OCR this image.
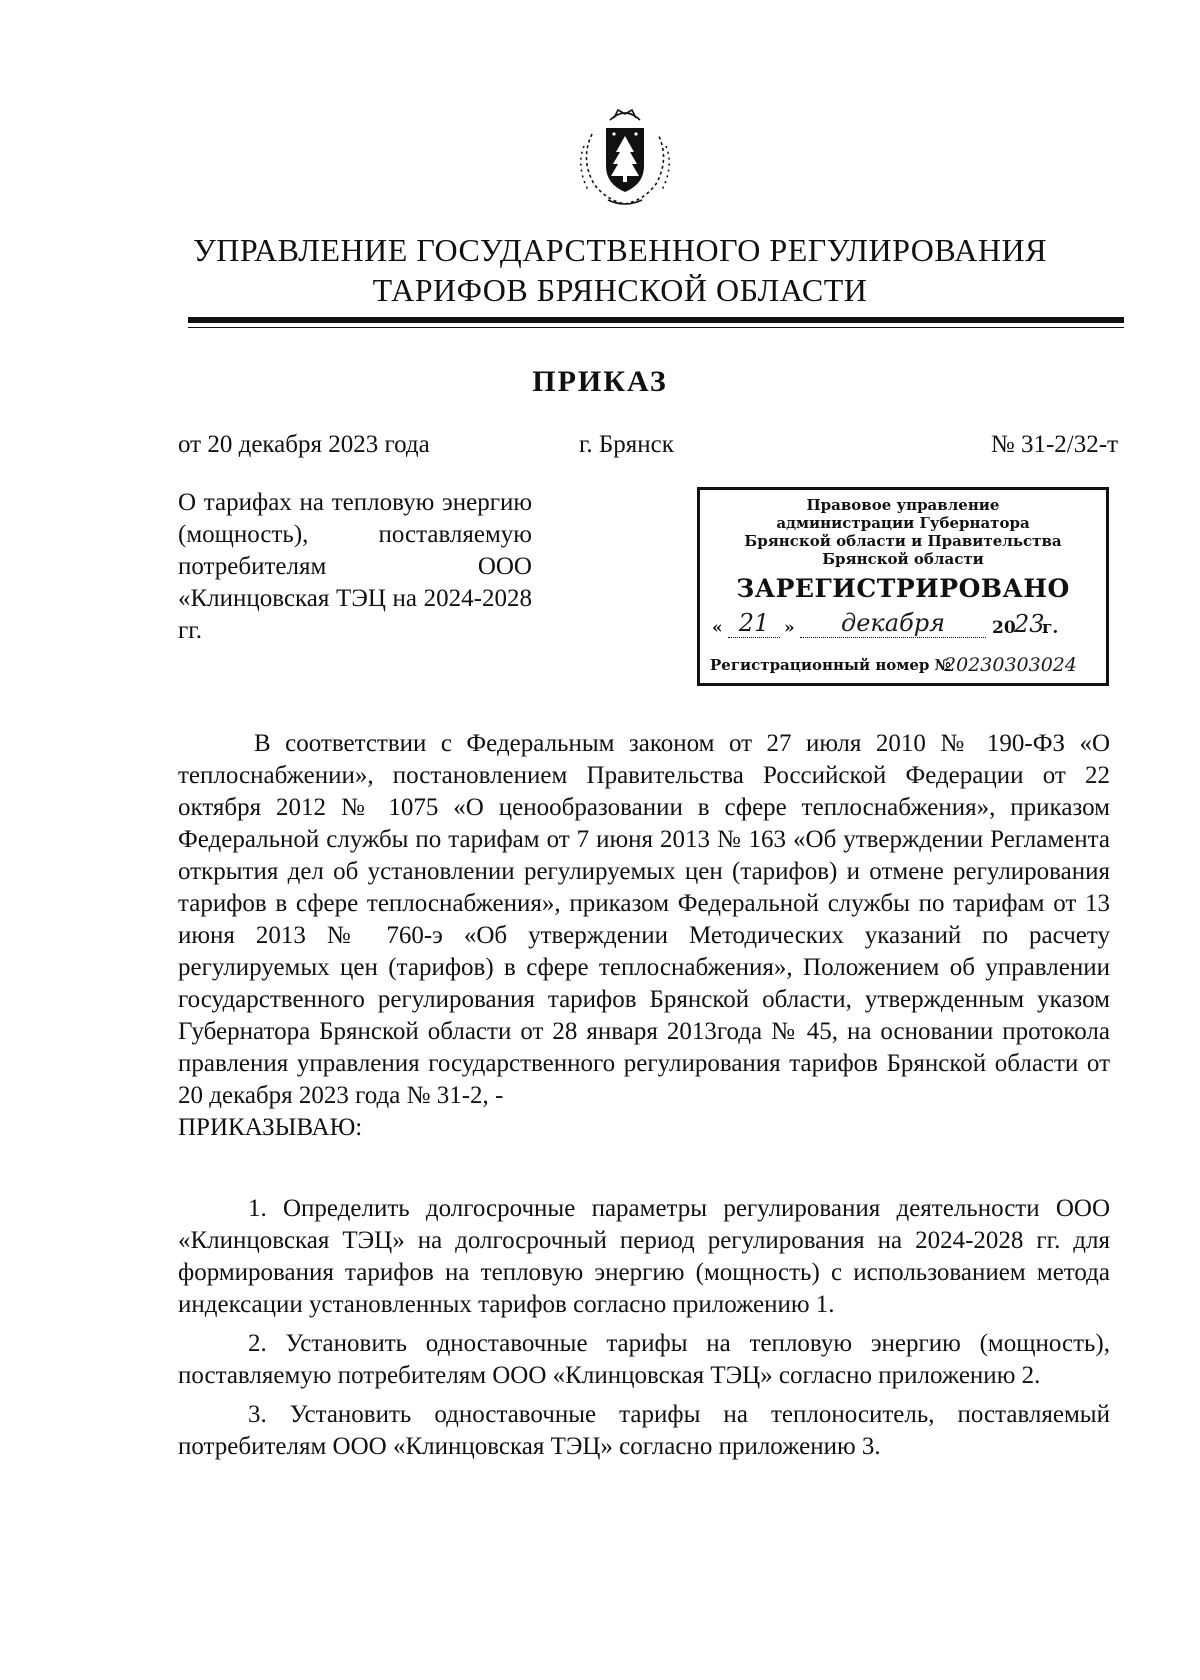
УПРАВЛЕНИЕ ГОСУДАРСТВЕННОГО РЕГУЛИРОВАНИЯ
ТАРИФОВ БРЯНСКОЙ ОБЛАСТИ
ПРИКАЗ
от 20 декабря 2023 года	г. Брянск	№ 31-2/32-т
О тарифах на тепловую энергию (мощность), поставляемую потребителям ООО «Клинцовская ТЭЦ на 2024-2028 гг.
Правовое управление
администрации Губернатора
Брянской области и Правительства
Брянской области
ЗАРЕГИСТРИРОВАНО
« 21 »	декабря	20
23
г.
Регистрационный номер №
20230303024
В соответствии с Федеральным законом от 27 июля 2010 № 190-ФЗ «О теплоснабжении», постановлением Правительства Российской Федерации от 22 октября 2012 № 1075 «О ценообразовании в сфере теплоснабжения», приказом Федеральной службы по тарифам от 7 июня 2013 № 163 «Об утверждении Регламента открытия дел об установлении регулируемых цен (тарифов) и отмене регулирования тарифов в сфере теплоснабжения», приказом Федеральной службы по тарифам от 13 июня 2013 № 760-э «Об утверждении Методических указаний по расчету регулируемых цен (тарифов) в сфере теплоснабжения», Положением об управлении государственного регулирования тарифов Брянской области, утвержденным указом Губернатора Брянской области от 28 января 2013года № 45, на основании протокола правления управления государственного регулирования тарифов Брянской области от 20 декабря 2023 года № 31-2, -
ПРИКАЗЫВАЮ:

1. Определить долгосрочные параметры регулирования деятельности ООО «Клинцовская ТЭЦ» на долгосрочный период регулирования на 2024-2028 гг. для формирования тарифов на тепловую энергию (мощность) с использованием метода индексации установленных тарифов согласно приложению 1.

2. Установить одноставочные тарифы на тепловую энергию (мощность), поставляемую потребителям ООО «Клинцовская ТЭЦ» согласно приложению 2.

3. Установить одноставочные тарифы на теплоноситель, поставляемый потребителям ООО «Клинцовская ТЭЦ» согласно приложению 3.
